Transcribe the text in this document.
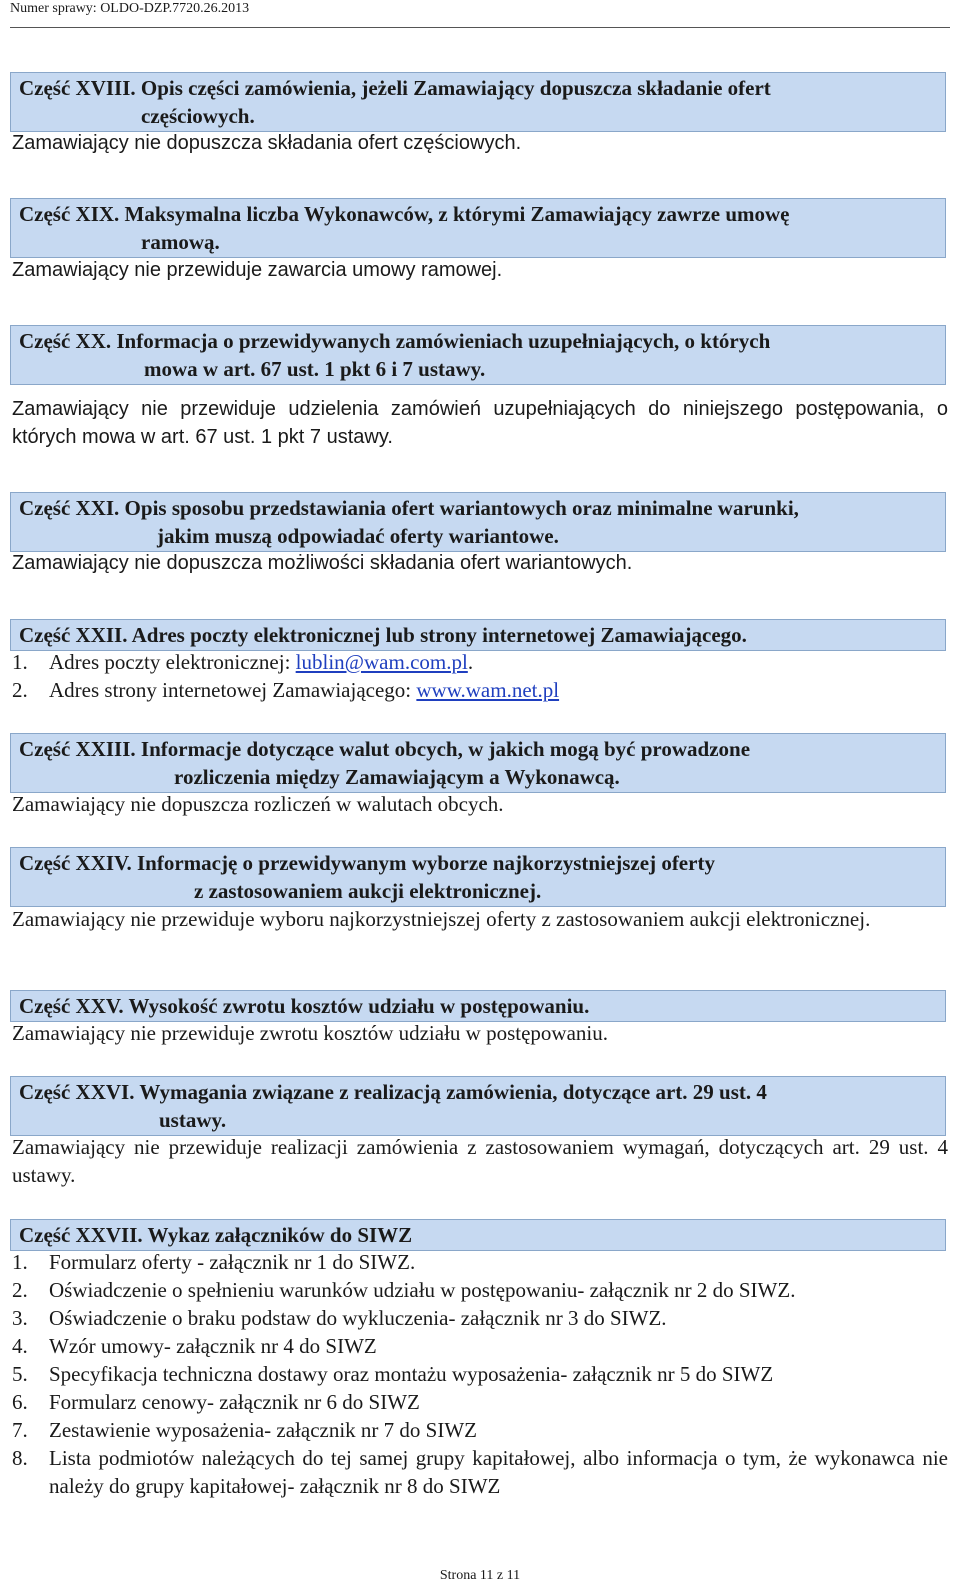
Numer sprawy: OLDO-DZP.7720.26.2013
Część XVIII. Opis części zamówienia, jeżeli Zamawiający dopuszcza składanie ofert
częściowych.
Zamawiający nie dopuszcza składania ofert częściowych.
Część XIX. Maksymalna liczba Wykonawców, z którymi Zamawiający zawrze umowę
ramową.
Zamawiający nie przewiduje zawarcia umowy ramowej.
Część XX. Informacja o przewidywanych zamówieniach uzupełniających, o których
mowa w art. 67 ust. 1 pkt 6 i 7 ustawy.
Zamawiający nie przewiduje udzielenia zamówień uzupełniających do niniejszego postępowania, o których mowa w art. 67 ust. 1 pkt 7 ustawy.
Część XXI. Opis sposobu przedstawiania ofert wariantowych oraz minimalne warunki,
jakim muszą odpowiadać oferty wariantowe.
Zamawiający nie dopuszcza możliwości składania ofert wariantowych.
Część XXII. Adres poczty elektronicznej lub strony internetowej Zamawiającego.
1. Adres poczty elektronicznej: lublin@wam.com.pl.
2. Adres strony internetowej Zamawiającego: www.wam.net.pl
Część XXIII. Informacje dotyczące walut obcych, w jakich mogą być prowadzone
rozliczenia między Zamawiającym a Wykonawcą.
Zamawiający nie dopuszcza rozliczeń w walutach obcych.
Część XXIV. Informację o przewidywanym wyborze najkorzystniejszej oferty
z zastosowaniem aukcji elektronicznej.
Zamawiający nie przewiduje wyboru najkorzystniejszej oferty z zastosowaniem aukcji elektronicznej.
Część XXV. Wysokość zwrotu kosztów udziału w postępowaniu.
Zamawiający nie przewiduje zwrotu kosztów udziału w postępowaniu.
Część XXVI. Wymagania związane z realizacją zamówienia, dotyczące art. 29 ust. 4
ustawy.
Zamawiający nie przewiduje realizacji zamówienia z zastosowaniem wymagań, dotyczących art. 29 ust. 4 ustawy.
Część XXVII. Wykaz załączników do SIWZ
1. Formularz oferty - załącznik nr 1 do SIWZ.
2. Oświadczenie o spełnieniu warunków udziału w postępowaniu- załącznik nr 2 do SIWZ.
3. Oświadczenie o braku podstaw do wykluczenia- załącznik nr 3 do SIWZ.
4. Wzór umowy- załącznik nr 4 do SIWZ
5. Specyfikacja techniczna dostawy oraz montażu wyposażenia- załącznik nr 5 do SIWZ
6. Formularz cenowy- załącznik nr 6 do SIWZ
7. Zestawienie wyposażenia- załącznik nr 7 do SIWZ
8. Lista podmiotów należących do tej samej grupy kapitałowej, albo informacja o tym, że wykonawca nie należy do grupy kapitałowej- załącznik nr 8 do SIWZ
Strona 11 z 11
